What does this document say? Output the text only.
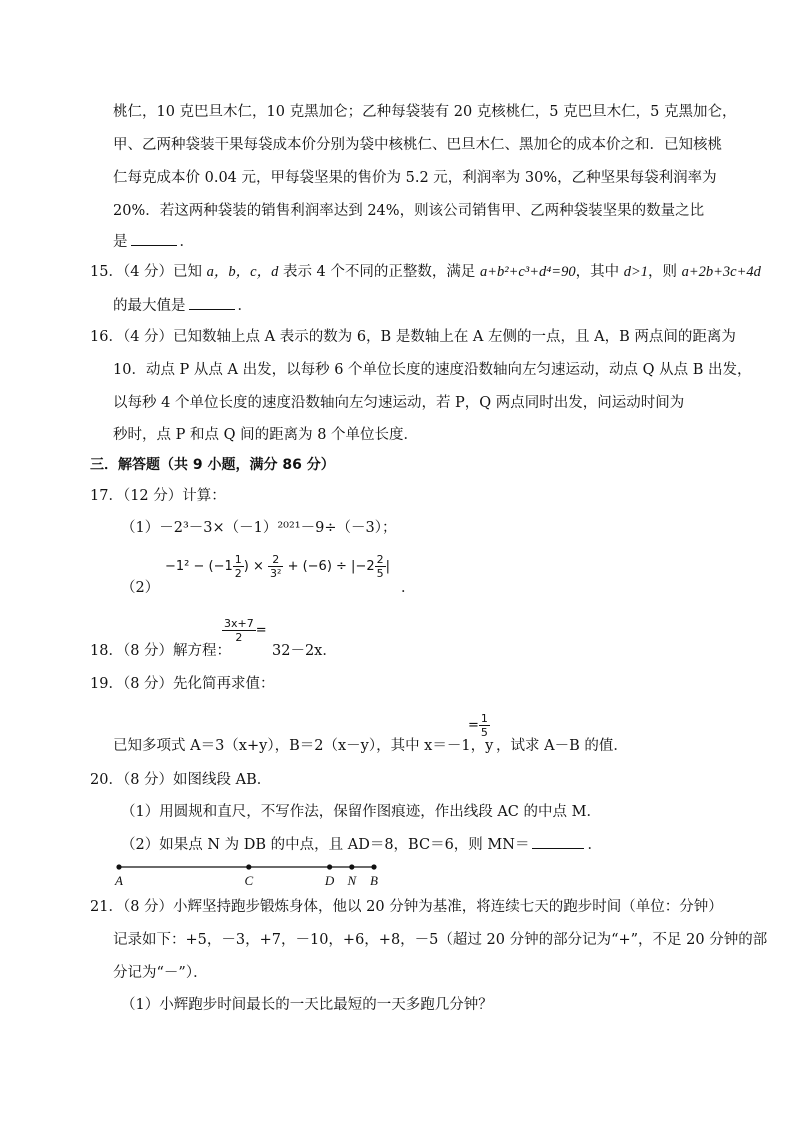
桃仁，10 克巴旦木仁，10 克黑加仑；乙种每袋装有 20 克核桃仁，5 克巴旦木仁，5 克黑加仑，
甲、乙两种袋装干果每袋成本价分别为袋中核桃仁、巴旦木仁、黑加仑的成本价之和．已知核桃
仁每克成本价 0.04 元，甲每袋坚果的售价为 5.2 元，利润率为 30%，乙种坚果每袋利润率为
20%．若这两种袋装的销售利润率达到 24%，则该公司销售甲、乙两种袋装坚果的数量之比
是	．
15．（4 分）已知 a，b，c，d 表示 4 个不同的正整数，满足 a+b²+c³+d⁴=90，其中 d>1，则 a+2b+3c+4d
的最大值是	．
16．（4 分）已知数轴上点 A 表示的数为 6，B 是数轴上在 A 左侧的一点，且 A，B 两点间的距离为
10．动点 P 从点 A 出发，以每秒 6 个单位长度的速度沿数轴向左匀速运动，动点 Q 从点 B 出发，
以每秒 4 个单位长度的速度沿数轴向左匀速运动，若 P，Q 两点同时出发，问运动时间为
秒时，点 P 和点 Q 间的距离为 8 个单位长度．
三．解答题（共 9 小题，满分 86 分）
17．（12 分）计算：
（1）－2³－3×（－1）²⁰²¹－9÷（－3）；
（2）
$-1^2 - (-1 \frac{1}{2}$ ) × $\frac{2}{\text{3²}} + (-6) \div |-2 \frac{2}{5}$ |
．
18．（8 分）解方程：
$\frac{3x+7}{2}$ =
32－2x．
19．（8 分）先化简再求值：
已知多项式 A＝3（x+y），B＝2（x－y），其中 x＝－1，y
= $\frac{1}{5}$
，试求 A－B 的值．
20．（8 分）如图线段 AB．
（1）用圆规和直尺，不写作法，保留作图痕迹，作出线段 AC 的中点 M．
（2）如果点 N 为 DB 的中点，且 AD＝8，BC＝6，则 MN＝	．
A	C	D N B
21．（8 分）小辉坚持跑步锻炼身体，他以 20 分钟为基准，将连续七天的跑步时间（单位：分钟）
记录如下：+5，－3，+7，－10，+6，+8，－5（超过 20 分钟的部分记为“+”，不足 20 分钟的部
分记为“－”）．
（1）小辉跑步时间最长的一天比最短的一天多跑几分钟？
